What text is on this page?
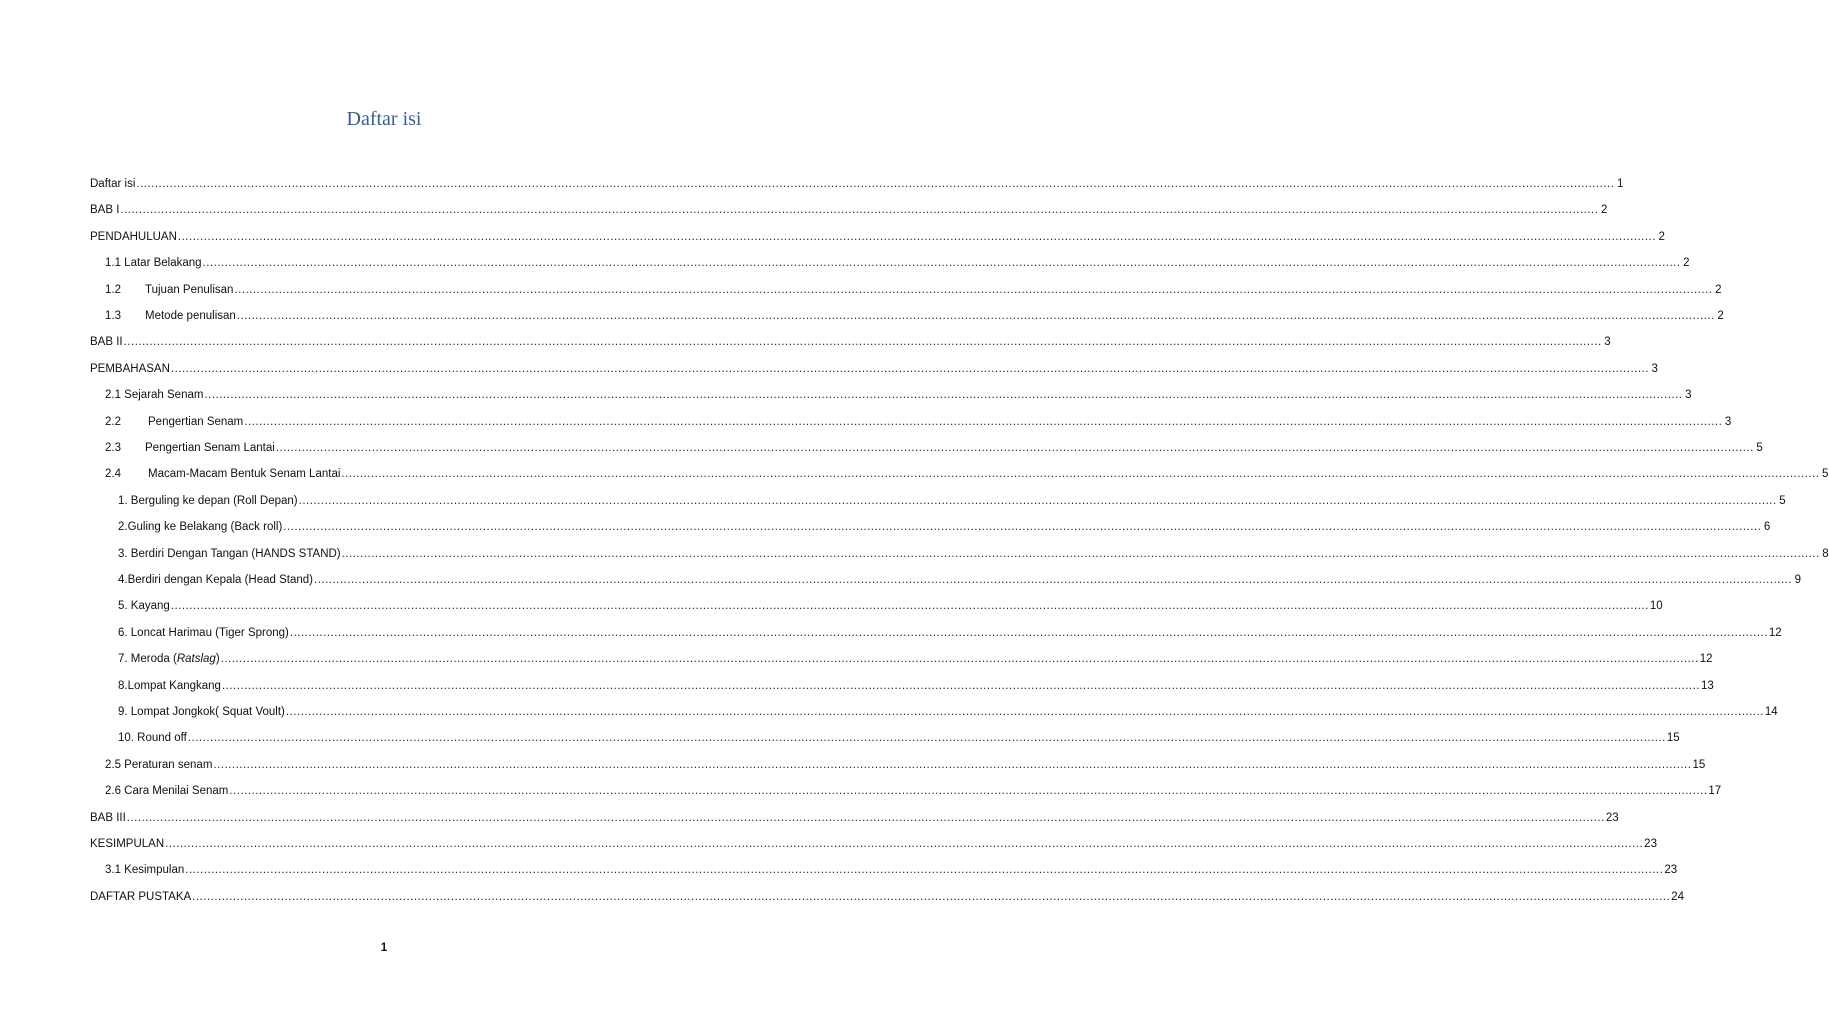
Daftar isi
Daftar isi ................................................................................................................................................................................................................................................................................................................................................................................................................ 1
BAB I ................................................................................................................................................................................................................................................................................................................................................................................................................ 2
PENDAHULUAN ................................................................................................................................................................................................................................................................................................................................................................................................................ 2
1.1 Latar Belakang ................................................................................................................................................................................................................................................................................................................................................................................................................ 2
1.2 Tujuan Penulisan ................................................................................................................................................................................................................................................................................................................................................................................................................ 2
1.3 Metode penulisan ................................................................................................................................................................................................................................................................................................................................................................................................................ 2
BAB II ................................................................................................................................................................................................................................................................................................................................................................................................................ 3
PEMBAHASAN ................................................................................................................................................................................................................................................................................................................................................................................................................ 3
2.1 Sejarah Senam ................................................................................................................................................................................................................................................................................................................................................................................................................ 3
2.2 Pengertian Senam ................................................................................................................................................................................................................................................................................................................................................................................................................ 3
2.3 Pengertian Senam Lantai ................................................................................................................................................................................................................................................................................................................................................................................................................ 5
2.4 Macam-Macam Bentuk Senam Lantai ................................................................................................................................................................................................................................................................................................................................................................................................................ 5
1. Berguling ke depan (Roll Depan) ................................................................................................................................................................................................................................................................................................................................................................................................................ 5
2.Guling ke Belakang (Back roll) ................................................................................................................................................................................................................................................................................................................................................................................................................ 6
3. Berdiri Dengan Tangan (HANDS STAND) ................................................................................................................................................................................................................................................................................................................................................................................................................ 8
4.Berdiri dengan Kepala (Head Stand) ................................................................................................................................................................................................................................................................................................................................................................................................................ 9
5. Kayang ................................................................................................................................................................................................................................................................................................................................................................................................................ 10
6. Loncat Harimau (Tiger Sprong) ................................................................................................................................................................................................................................................................................................................................................................................................................ 12
7. Meroda (Ratslag) ................................................................................................................................................................................................................................................................................................................................................................................................................ 12
8.Lompat Kangkang ................................................................................................................................................................................................................................................................................................................................................................................................................ 13
9. Lompat Jongkok( Squat Voult) ................................................................................................................................................................................................................................................................................................................................................................................................................ 14
10. Round off ................................................................................................................................................................................................................................................................................................................................................................................................................ 15
2.5 Peraturan senam ................................................................................................................................................................................................................................................................................................................................................................................................................ 15
2.6 Cara Menilai Senam ................................................................................................................................................................................................................................................................................................................................................................................................................ 17
BAB III ................................................................................................................................................................................................................................................................................................................................................................................................................ 23
KESIMPULAN ................................................................................................................................................................................................................................................................................................................................................................................................................ 23
3.1 Kesimpulan ................................................................................................................................................................................................................................................................................................................................................................................................................ 23
DAFTAR PUSTAKA ................................................................................................................................................................................................................................................................................................................................................................................................................ 24
1
